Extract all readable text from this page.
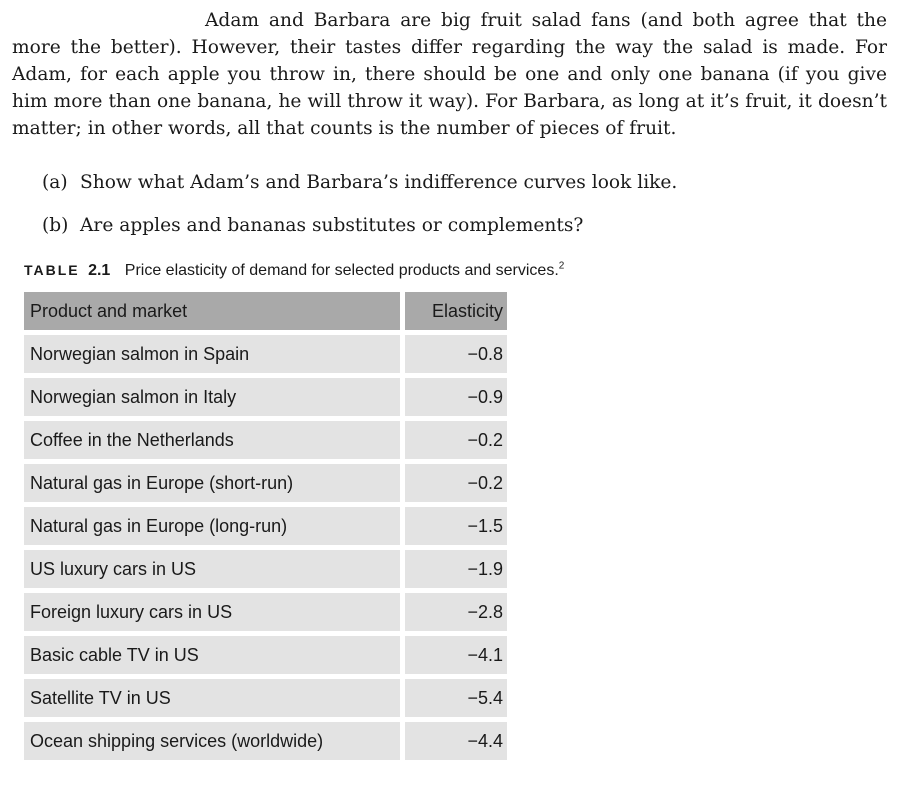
Adam and Barbara are big fruit salad fans (and both agree that the more the better). However, their tastes differ regarding the way the salad is made. For Adam, for each apple you throw in, there should be one and only one banana (if you give him more than one banana, he will throw it way). For Barbara, as long at it’s fruit, it doesn’t matter; in other words, all that counts is the number of pieces of fruit.

(a) Show what Adam’s and Barbara’s indifference curves look like.
(b) Are apples and bananas substitutes or complements?
TABLE 2.1 Price elasticity of demand for selected products and services.$^2$
Product and market		Elasticity

Norwegian salmon in Spain		−0.8

Norwegian salmon in Italy		−0.9

Coffee in the Netherlands		−0.2

Natural gas in Europe (short-run)		−0.2

Natural gas in Europe (long-run)		−1.5

US luxury cars in US		−1.9

Foreign luxury cars in US		−2.8

Basic cable TV in US		−4.1

Satellite TV in US		−5.4

Ocean shipping services (worldwide)		−4.4
